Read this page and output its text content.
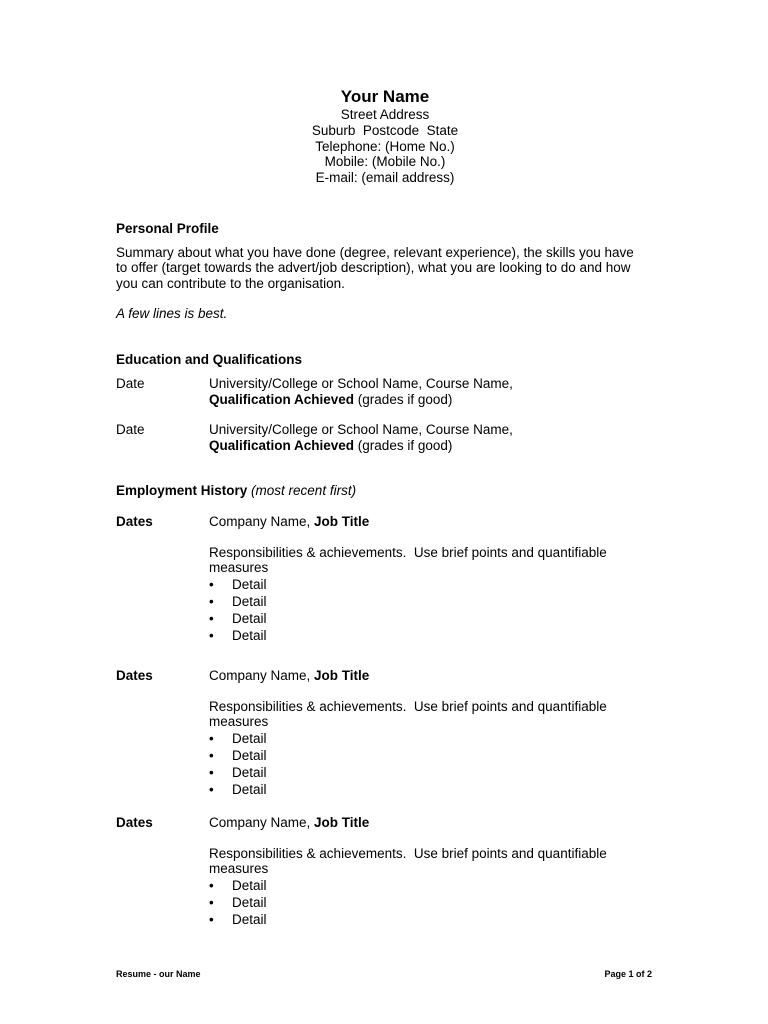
Your Name
Street Address
Suburb  Postcode  State
Telephone: (Home No.)
Mobile: (Mobile No.)
E-mail: (email address)
Personal Profile

Summary about what you have done (degree, relevant experience), the skills you have to offer (target towards the advert/job description), what you are looking to do and how you can contribute to the organisation.

A few lines is best.

Education and Qualifications
Date	University/College or School Name, Course Name,
Qualification Achieved (grades if good)
Date	University/College or School Name, Course Name,
Qualification Achieved (grades if good)
Employment History (most recent first)
Dates	Company Name, Job Title
Responsibilities & achievements.  Use brief points and quantifiable measures
• Detail
• Detail
• Detail
• Detail
Dates	Company Name, Job Title
Responsibilities & achievements.  Use brief points and quantifiable measures
• Detail
• Detail
• Detail
• Detail
Dates	Company Name, Job Title
Responsibilities & achievements.  Use brief points and quantifiable measures
• Detail
• Detail
• Detail
Resume - our Name	Page 1 of 2
